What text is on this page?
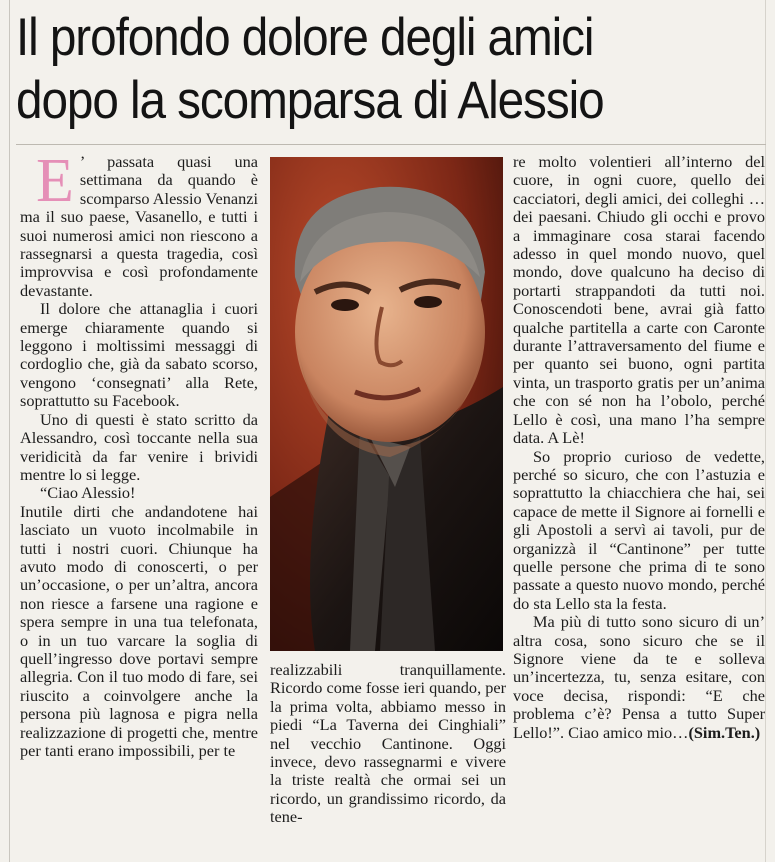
Il profondo dolore degli amici
dopo la scomparsa di Alessio

E ’ passata quasi una settimana da quando è scomparso Alessio Venanzi ma il suo paese, Vasanello, e tutti i suoi numerosi amici non riescono a rassegnarsi a questa tragedia, così improvvisa e così profondamente devastante.

Il dolore che attanaglia i cuori emerge chiaramente quando si leggono i moltissimi messaggi di cordoglio che, già da sabato scorso, vengono ‘consegnati’ alla Rete, soprattutto su Facebook.

Uno di questi è stato scritto da Alessandro, così toccante nella sua veridicità da far venire i brividi mentre lo si legge.

“Ciao Alessio!

Inutile dirti che andandotene hai lasciato un vuoto incolmabile in tutti i nostri cuori. Chiunque ha avuto modo di conoscerti, o per un’occasione, o per un’altra, ancora non riesce a farsene una ragione e spera sempre in una tua telefonata, o in un tuo varcare la soglia di quell’ingresso dove portavi sempre allegria. Con il tuo modo di fare, sei riuscito a coinvolgere anche la persona più lagnosa e pigra nella realizzazione di progetti che, mentre per tanti erano impossibili, per te

realizzabili tranquillamente. Ricordo come fosse ieri quando, per la prima volta, abbiamo messo in piedi “La Taverna dei Cinghiali” nel vecchio Cantinone. Oggi invece, devo rassegnarmi e vivere la triste realtà che ormai sei un ricordo, un grandissimo ricordo, da tene-

re molto volentieri all’interno del cuore, in ogni cuore, quello dei cacciatori, degli amici, dei colleghi … dei paesani. Chiudo gli occhi e provo a immaginare cosa starai facendo adesso in quel mondo nuovo, quel mondo, dove qualcuno ha deciso di portarti strappandoti da tutti noi. Conoscendoti bene, avrai già fatto qualche partitella a carte con Caronte durante l’attraversamento del fiume e per quanto sei buono, ogni partita vinta, un trasporto gratis per un’anima che con sé non ha l’obolo, perché Lello è così, una mano l’ha sempre data. A Lè!

So proprio curioso de vedette, perché so sicuro, che con l’astuzia e soprattutto la chiacchiera che hai, sei capace de mette il Signore ai fornelli e gli Apostoli a servì ai tavoli, pur de organizzà il “Cantinone” per tutte quelle persone che prima di te sono passate a questo nuovo mondo, perché do sta Lello sta la festa.

Ma più di tutto sono sicuro di un’ altra cosa, sono sicuro che se il Signore viene da te e solleva un’incertezza, tu, senza esitare, con voce decisa, rispondi: “E che problema c’è? Pensa a tutto Super Lello!”. Ciao amico mio…(Sim.Ten.)
